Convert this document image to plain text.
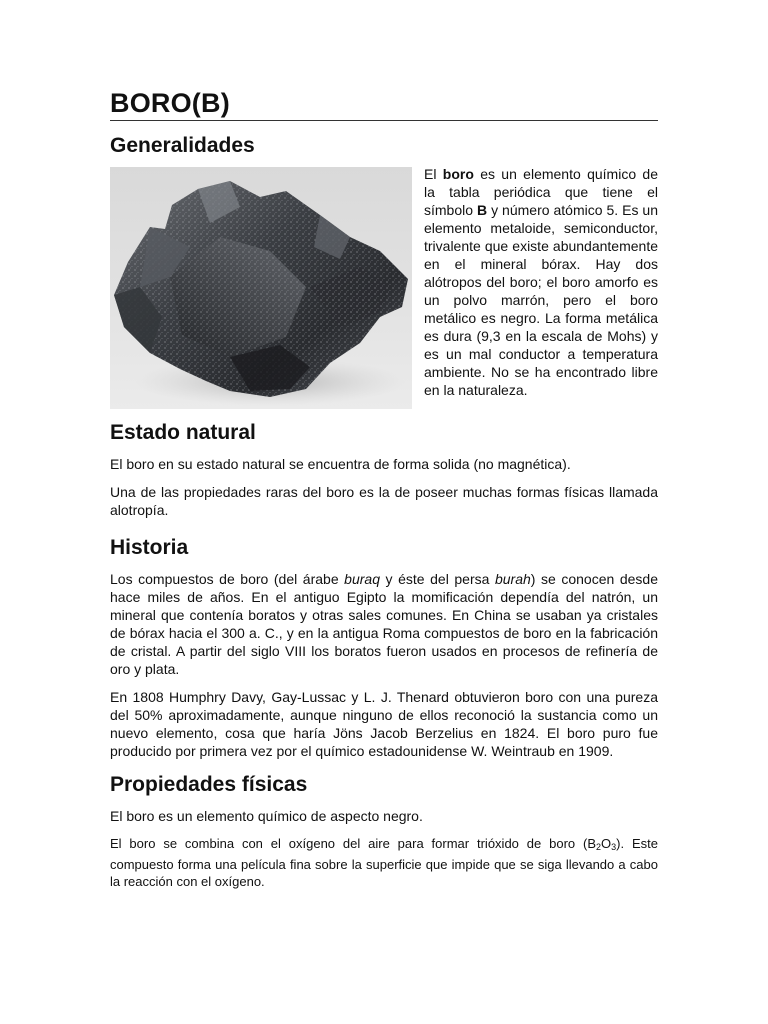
BORO(B)
Generalidades
El boro es un elemento químico de la tabla periódica que tiene el símbolo B y número atómico 5. Es un elemento metaloide, semiconductor, trivalente que existe abundantemente en el mineral bórax. Hay dos alótropos del boro; el boro amorfo es un polvo marrón, pero el boro metálico es negro. La forma metálica es dura (9,3 en la escala de Mohs) y es un mal conductor a temperatura ambiente. No se ha encontrado libre en la naturaleza.
Estado natural

El boro en su estado natural se encuentra de forma solida (no magnética).

Una de las propiedades raras del boro es la de poseer muchas formas físicas llamada alotropía.

Historia

Los compuestos de boro (del árabe buraq y éste del persa burah) se conocen desde hace miles de años. En el antiguo Egipto la momificación dependía del natrón, un mineral que contenía boratos y otras sales comunes. En China se usaban ya cristales de bórax hacia el 300 a. C., y en la antigua Roma compuestos de boro en la fabricación de cristal. A partir del siglo VIII los boratos fueron usados en procesos de refinería de oro y plata.

En 1808 Humphry Davy, Gay-Lussac y L. J. Thenard obtuvieron boro con una pureza del 50% aproximadamente, aunque ninguno de ellos reconoció la sustancia como un nuevo elemento, cosa que haría Jöns Jacob Berzelius en 1824. El boro puro fue producido por primera vez por el químico estadounidense W. Weintraub en 1909.

Propiedades físicas

El boro es un elemento químico de aspecto negro.

El boro se combina con el oxígeno del aire para formar trióxido de boro $(B_2O_3)$. Este compuesto forma una película fina sobre la superficie que impide que se siga llevando a cabo la reacción con el oxígeno.
